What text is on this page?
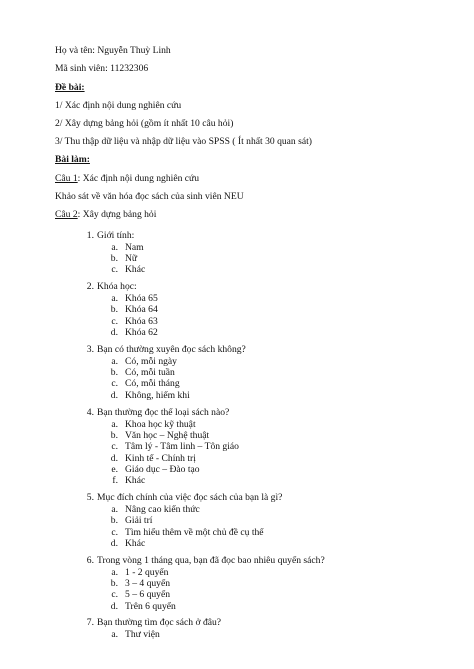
Họ và tên: Nguyễn Thuỳ Linh
Mã sinh viên: 11232306
Đề bài:
1/ Xác định nội dung nghiên cứu
2/ Xây dựng bảng hỏi (gồm ít nhất 10 câu hỏi)
3/ Thu thập dữ liệu và nhập dữ liệu vào SPSS ( Ít nhất 30 quan sát)
Bài làm:
Câu 1: Xác định nội dung nghiên cứu
Khảo sát về văn hóa đọc sách của sinh viên NEU
Câu 2: Xây dựng bảng hỏi
1. Giới tính:
a. Nam
b. Nữ
c. Khác
2. Khóa học:
a. Khóa 65
b. Khóa 64
c. Khóa 63
d. Khóa 62
3. Bạn có thường xuyên đọc sách không?
a. Có, mỗi ngày
b. Có, mỗi tuần
c. Có, mỗi tháng
d. Không, hiếm khi
4. Bạn thường đọc thể loại sách nào?
a. Khoa học kỹ thuật
b. Văn học – Nghệ thuật
c. Tâm lý - Tâm linh – Tôn giáo
d. Kinh tế - Chính trị
e. Giáo dục – Đào tạo
f. Khác
5. Mục đích chính của việc đọc sách của bạn là gì?
a. Nâng cao kiến thức
b. Giải trí
c. Tìm hiểu thêm về một chủ đề cụ thể
d. Khác
6. Trong vòng 1 tháng qua, bạn đã đọc bao nhiêu quyển sách?
a. 1 - 2 quyển
b. 3 – 4 quyển
c. 5 – 6 quyển
d. Trên 6 quyển
7. Bạn thường tìm đọc sách ở đâu?
a. Thư viện
